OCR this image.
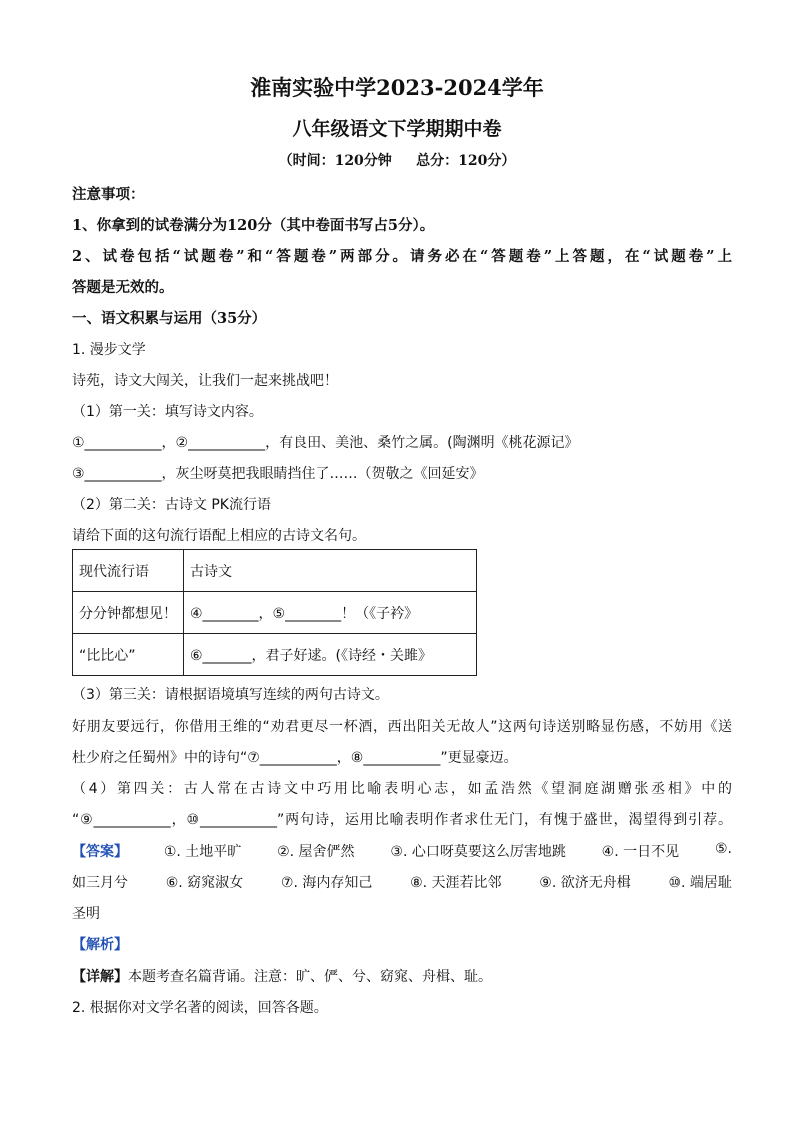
淮南实验中学2023-2024学年
八年级语文下学期期中卷
（时间：120分钟     总分：120分）
注意事项：
1、你拿到的试卷满分为120分（其中卷面书写占5分）。
2、试卷包括“试题卷”和“答题卷”两部分。请务必在“答题卷”上答题，在“试题卷”上
答题是无效的。
一、语文积累与运用（35分）
1. 漫步文学
诗苑，诗文大闯关，让我们一起来挑战吧！
（1）第一关：填写诗文内容。
①___________，②___________，有良田、美池、桑竹之属。(陶渊明《桃花源记》
③___________，灰尘呀莫把我眼睛挡住了……（贺敬之《回延安》
（2）第二关：古诗文 PK流行语
请给下面的这句流行语配上相应的古诗文名句。
现代流行语	古诗文
分分钟都想见！	④________，⑤________！（《子衿》
“比比心”	⑥_______，君子好逑。(《诗经・关雎》
（3）第三关：请根据语境填写连续的两句古诗文。
好朋友要远行，你借用王维的“劝君更尽一杯酒，西出阳关无故人”这两句诗送别略显伤感，不妨用《送
杜少府之任蜀州》中的诗句“⑦___________，⑧___________”更显豪迈。
（4）第四关：古人常在古诗文中巧用比喻表明心志，如孟浩然《望洞庭湖赠张丞相》中的
“⑨___________，⑩___________”两句诗，运用比喻表明作者求仕无门，有愧于盛世，渴望得到引荐。
【答案】	①. 土地平旷	②. 屋舍俨然	③. 心口呀莫要这么厉害地跳	④. 一日不见	⑤.
如三月兮	⑥. 窈窕淑女	⑦. 海内存知己	⑧. 天涯若比邻	⑨. 欲济无舟楫	⑩. 端居耻
圣明
【解析】
【详解】本题考查名篇背诵。注意：旷、俨、兮、窈窕、舟楫、耻。
2. 根据你对文学名著的阅读，回答各题。
